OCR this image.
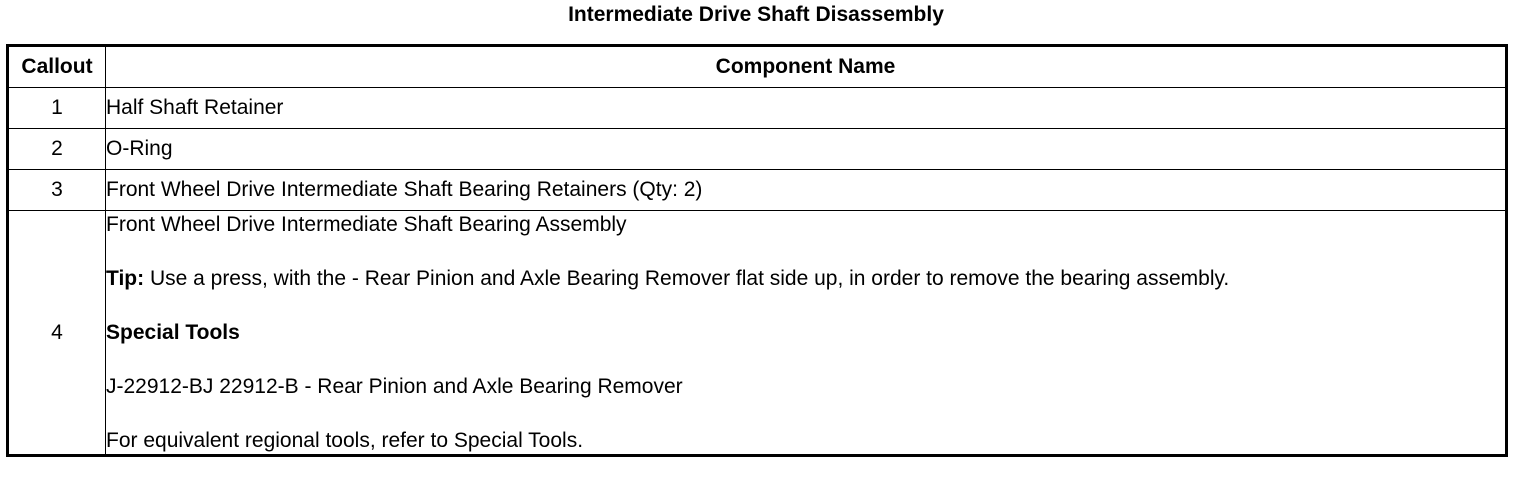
Intermediate Drive Shaft Disassembly
Callout	Component Name
1	Half Shaft Retainer
2	O-Ring
3	Front Wheel Drive Intermediate Shaft Bearing Retainers (Qty: 2)
4	Front Wheel Drive Intermediate Shaft Bearing Assembly

Tip: Use a press, with the - Rear Pinion and Axle Bearing Remover flat side up, in order to remove the bearing assembly.

Special Tools

J-22912-BJ 22912-B - Rear Pinion and Axle Bearing Remover

For equivalent regional tools, refer to Special Tools.
